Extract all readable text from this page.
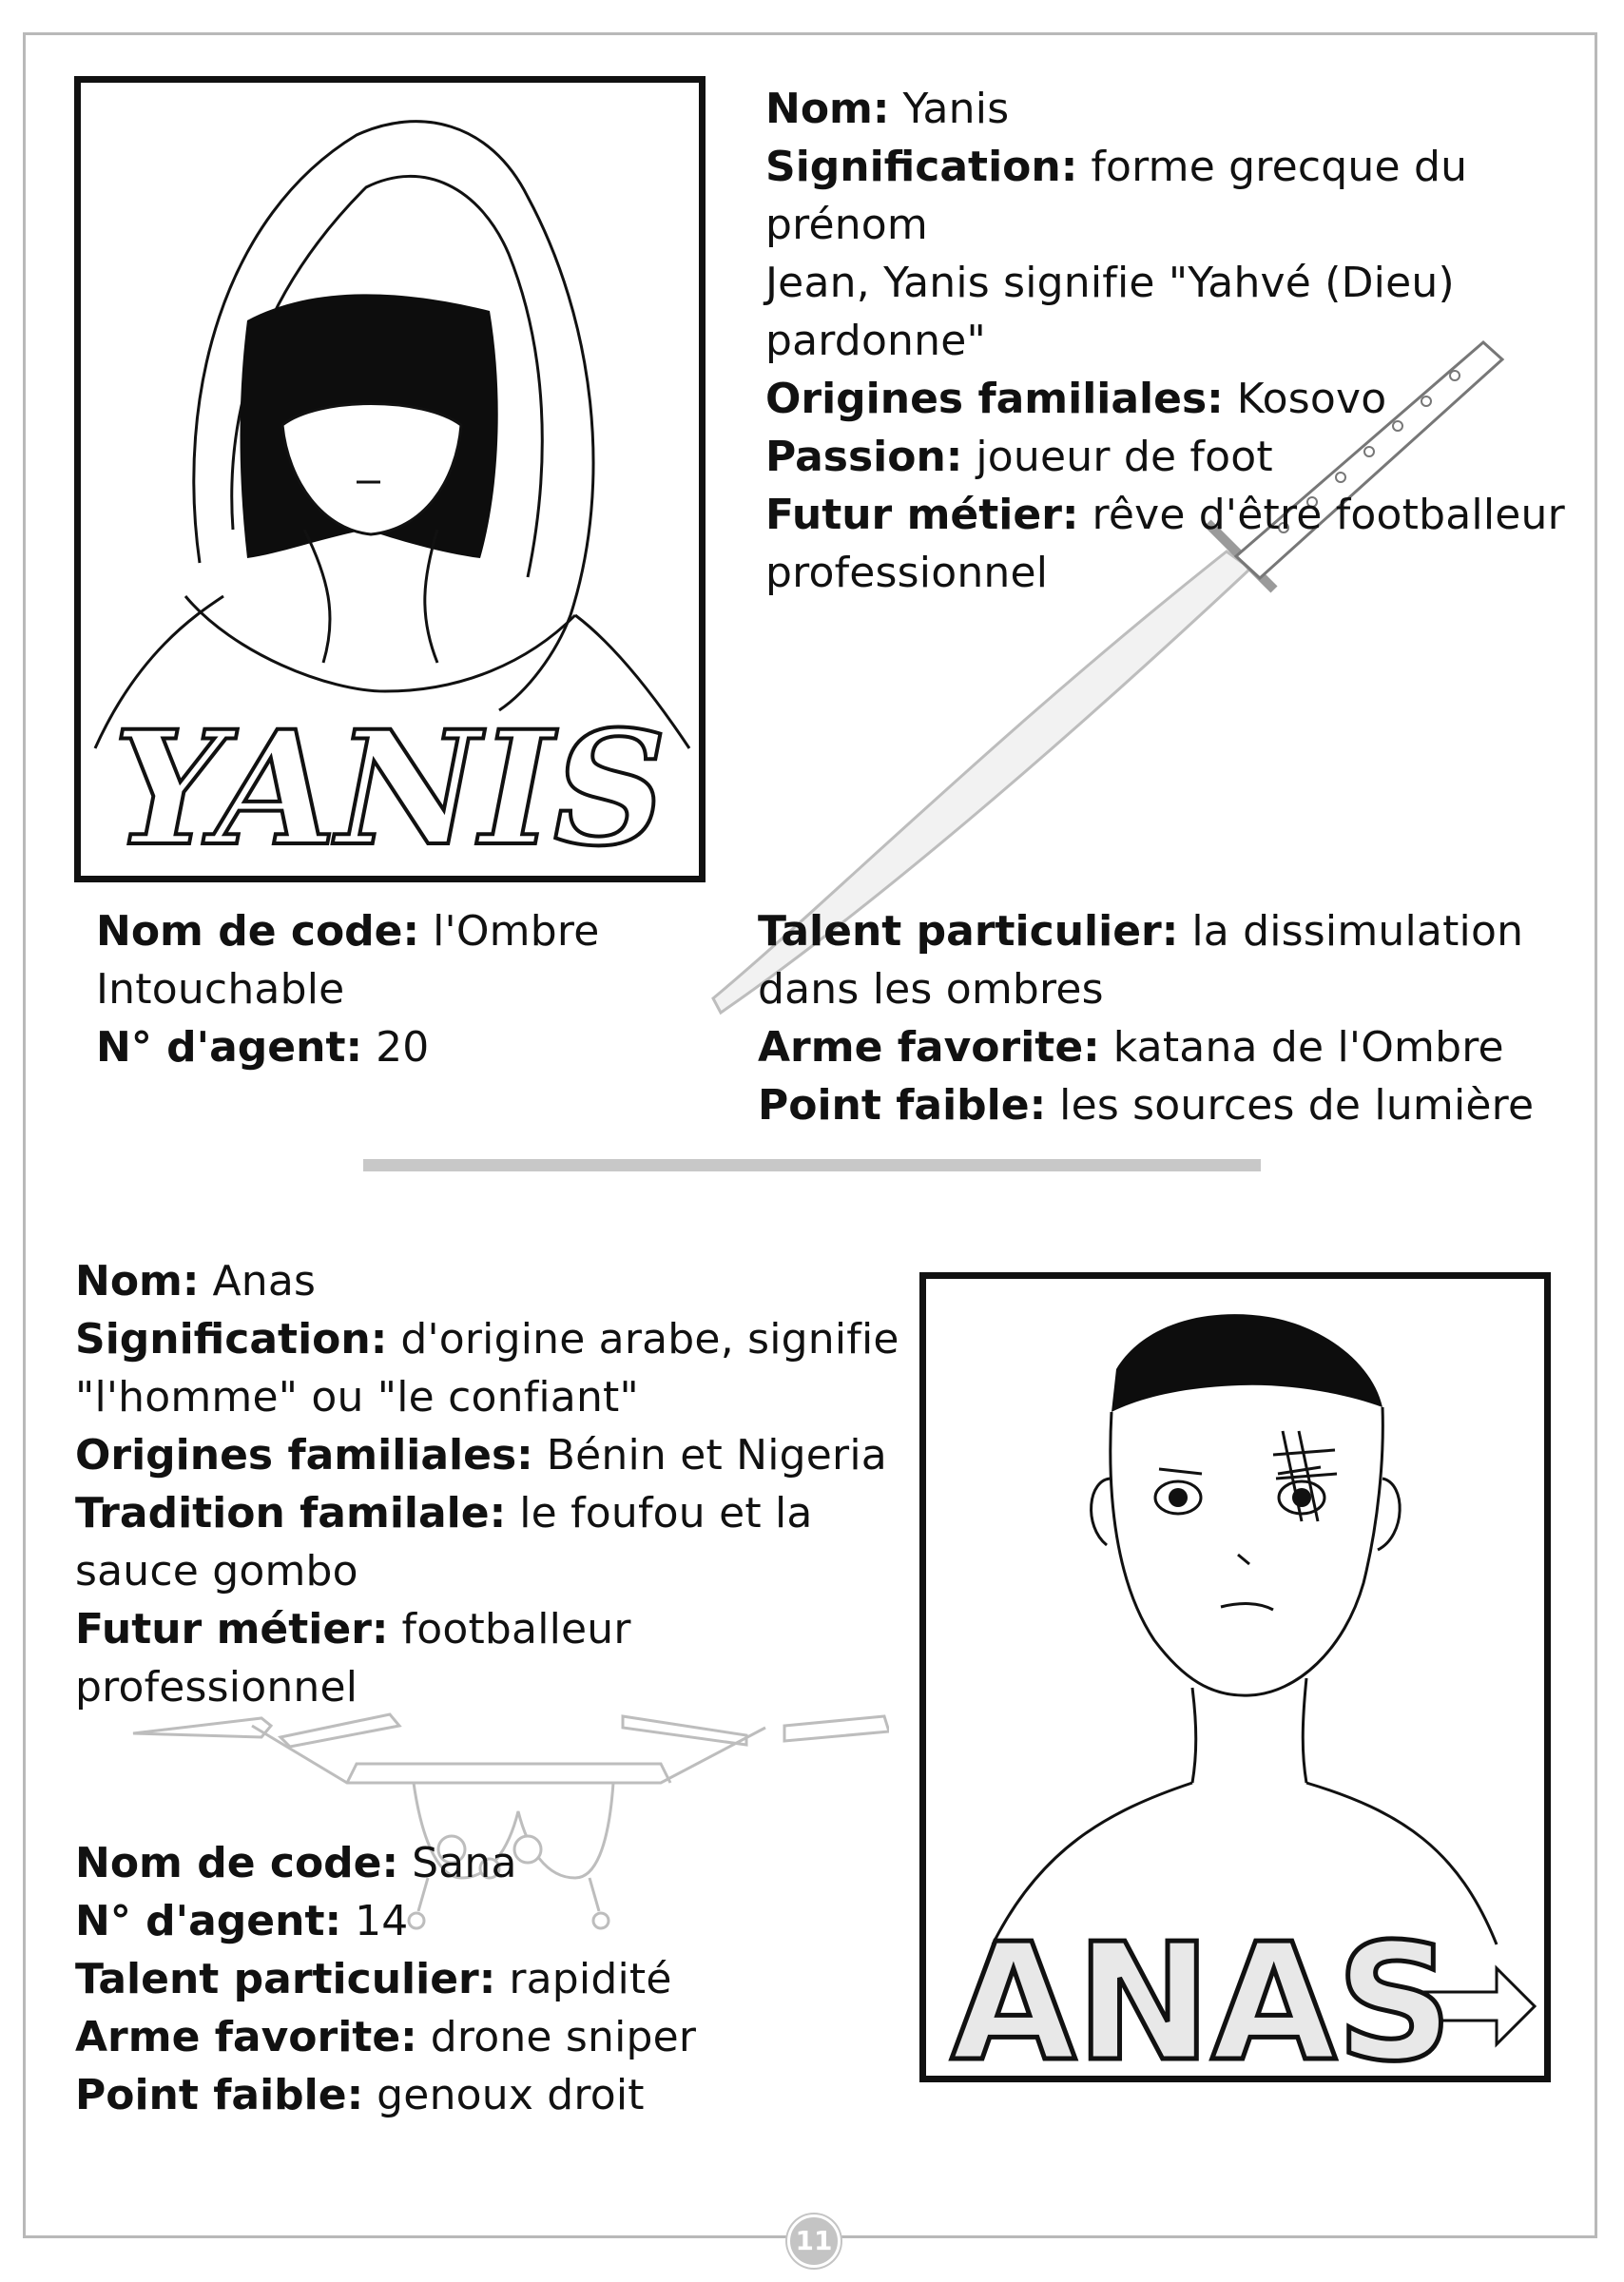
YANIS
Nom: Yanis
Signification: forme grecque du prénom
Jean, Yanis signifie "Yahvé (Dieu)
pardonne"
Origines familiales: Kosovo
Passion: joueur de foot
Futur métier: rêve d'être footballeur
professionnel
Nom de code: l'Ombre
Intouchable
N° d'agent: 20
Talent particulier: la dissimulation
dans les ombres
Arme favorite: katana de l'Ombre
Point faible: les sources de lumière
Nom: Anas
Signification: d'origine arabe, signifie
"l'homme" ou "le confiant"
Origines familiales: Bénin et Nigeria
Tradition familale: le foufou et la
sauce gombo
Futur métier: footballeur professionnel
Nom de code: Sana
N° d'agent: 14
Talent particulier: rapidité
Arme favorite: drone sniper
Point faible: genoux droit	ANAS
11
